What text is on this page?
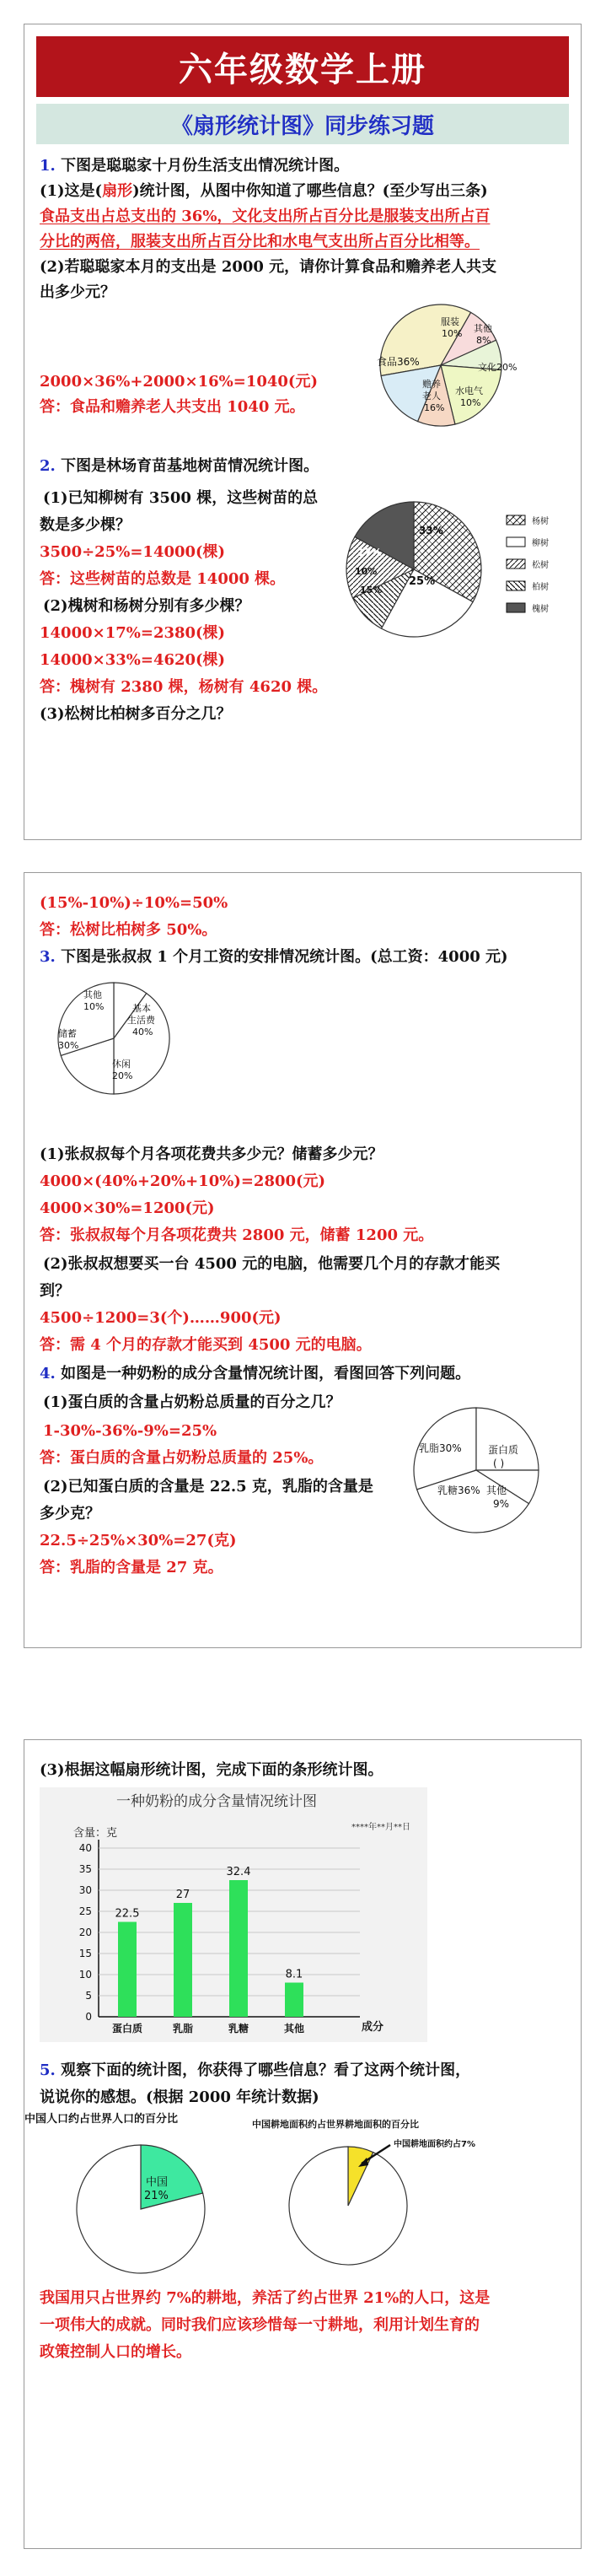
六年级数学上册
《扇形统计图》同步练习题
1. 下图是聪聪家十月份生活支出情况统计图。
(1)这是(扇形)统计图，从图中你知道了哪些信息？(至少写出三条)
食品支出占总支出的 36%，文化支出所占百分比是服装支出所占百
分比的两倍，服装支出所占百分比和水电气支出所占百分比相等。
(2)若聪聪家本月的支出是 2000 元，请你计算食品和赡养老人共支
出多少元？
2000×36%+2000×16%=1040(元)
答：食品和赡养老人共支出 1040 元。
食品36%
服装
10% 其他
8%
文化20%
赡养
老人
16%
水电气
10%
2. 下图是林场育苗基地树苗情况统计图。
(1)已知柳树有 3500 棵，这些树苗的总
数是多少棵？
3500÷25%=14000(棵)
答：这些树苗的总数是 14000 棵。
(2)槐树和杨树分别有多少棵？
14000×17%=2380(棵)
14000×33%=4620(棵)
答：槐树有 2380 棵，杨树有 4620 棵。
(3)松树比柏树多百分之几？
33%
25%
17%
10%
15%
杨树
柳树
松树
柏树
槐树
(15%-10%)÷10%=50%
答：松树比柏树多 50%。
3. 下图是张叔叔 1 个月工资的安排情况统计图。(总工资：4000 元)
其他
10%	基本
生活费
40%
储蓄
30%
休闲
20%
(1)张叔叔每个月各项花费共多少元？储蓄多少元？
4000×(40%+20%+10%)=2800(元)
4000×30%=1200(元)
答：张叔叔每个月各项花费共 2800 元，储蓄 1200 元。
(2)张叔叔想要买一台 4500 元的电脑，他需要几个月的存款才能买
到？
4500÷1200=3(个)……900(元)
答：需 4 个月的存款才能买到 4500 元的电脑。
4. 如图是一种奶粉的成分含量情况统计图，看图回答下列问题。
(1)蛋白质的含量占奶粉总质量的百分之几？
1-30%-36%-9%=25%
答：蛋白质的含量占奶粉总质量的 25%。
(2)已知蛋白质的含量是 22.5 克，乳脂的含量是
多少克？
22.5÷25%×30%=27(克)
答：乳脂的含量是 27 克。
乳脂30%	蛋白质
( )
乳糖36% 其他
9%
(3)根据这幅扇形统计图，完成下面的条形统计图。
一种奶粉的成分含量情况统计图
****年**月**日
含量：克
成分
0
5
10
15
20
25
30
35
40
22.5
蛋白质
27
乳脂
32.4
乳糖
8.1
其他
5. 观察下面的统计图，你获得了哪些信息？看了这两个统计图，
说说你的感想。(根据 2000 年统计数据)
中国人口约占世界人口的百分比
中国
21%
中国耕地面积约占世界耕地面积的百分比
中国耕地面积约占7%
我国用只占世界约 7%的耕地，养活了约占世界 21%的人口，这是
一项伟大的成就。同时我们应该珍惜每一寸耕地，利用计划生育的
政策控制人口的增长。
